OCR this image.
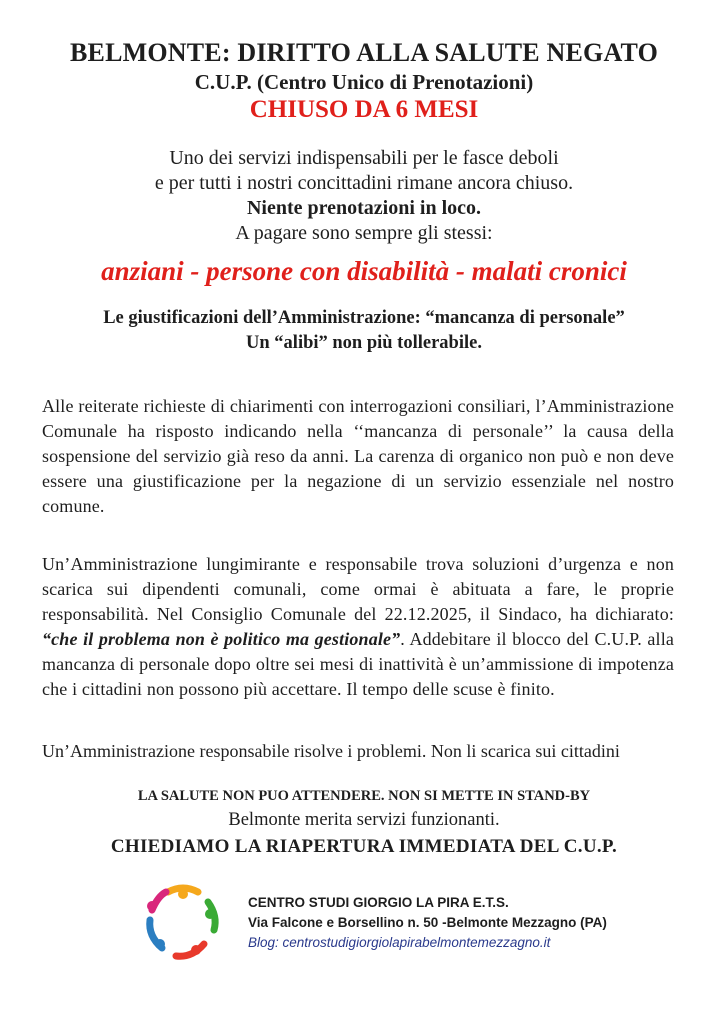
BELMONTE: DIRITTO ALLA SALUTE NEGATO
C.U.P. (Centro Unico di Prenotazioni)
CHIUSO DA 6 MESI
Uno dei servizi indispensabili per le fasce deboli
e per tutti i nostri concittadini rimane ancora chiuso.
Niente prenotazioni in loco.
A pagare sono sempre gli stessi:
anziani - persone con disabilità - malati cronici
Le giustificazioni dell’Amministrazione: “mancanza di personale”
Un “alibi” non più tollerabile.
Alle reiterate richieste di chiarimenti con interrogazioni consiliari, l’Amministrazione Comunale ha risposto indicando nella ‘‘mancanza di personale’’ la causa della sospensione del servizio già reso da anni. La carenza di organico non può e non deve essere una giustificazione per la negazione di un servizio essenziale nel nostro comune.
Un’Amministrazione lungimirante e responsabile trova soluzioni d’urgenza e non scarica sui dipendenti comunali, come ormai è abituata a fare, le proprie responsabilità. Nel Consiglio Comunale del 22.12.2025, il Sindaco, ha dichiarato: “che il problema non è politico ma gestionale”. Addebitare il blocco del C.U.P. alla mancanza di personale dopo oltre sei mesi di inattività è un’ammissione di impotenza che i cittadini non possono più accettare. Il tempo delle scuse è finito.
Un’Amministrazione responsabile risolve i problemi. Non li scarica sui cittadini
LA SALUTE NON PUO ATTENDERE. NON SI METTE IN STAND-BY
Belmonte merita servizi funzionanti.
CHIEDIAMO LA RIAPERTURA IMMEDIATA DEL C.U.P.
CENTRO STUDI GIORGIO LA PIRA E.T.S.
Via Falcone e Borsellino n. 50 -Belmonte Mezzagno (PA)
Blog: centrostudigiorgiolapirabelmontemezzagno.it
